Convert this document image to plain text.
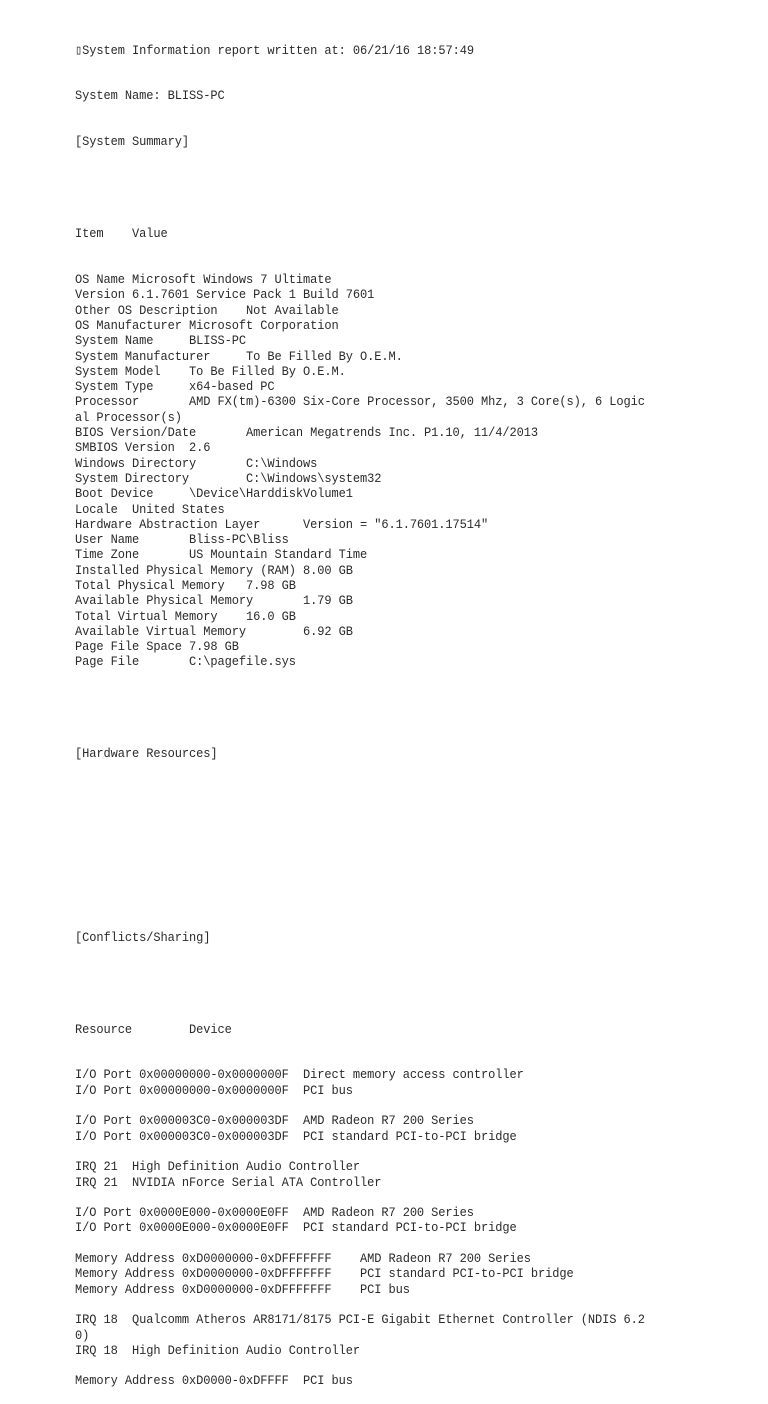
▯System Information report written at: 06/21/16 18:57:49

System Name: BLISS-PC

[System Summary]

Item	Value

OS Name Microsoft Windows 7 Ultimate
Version 6.1.7601 Service Pack 1 Build 7601
Other OS Description    Not Available
OS Manufacturer Microsoft Corporation
System Name     BLISS-PC
System Manufacturer     To Be Filled By O.E.M.
System Model    To Be Filled By O.E.M.
System Type     x64-based PC
Processor       AMD FX(tm)-6300 Six-Core Processor, 3500 Mhz, 3 Core(s), 6 Logic
al Processor(s)
BIOS Version/Date       American Megatrends Inc. P1.10, 11/4/2013
SMBIOS Version  2.6
Windows Directory       C:\Windows
System Directory        C:\Windows\system32
Boot Device     \Device\HarddiskVolume1
Locale  United States
Hardware Abstraction Layer      Version = "6.1.7601.17514"
User Name       Bliss-PC\Bliss
Time Zone       US Mountain Standard Time
Installed Physical Memory (RAM) 8.00 GB
Total Physical Memory   7.98 GB
Available Physical Memory       1.79 GB
Total Virtual Memory    16.0 GB
Available Virtual Memory        6.92 GB
Page File Space 7.98 GB
Page File       C:\pagefile.sys

[Hardware Resources]

[Conflicts/Sharing]

Resource        Device

I/O Port 0x00000000-0x0000000F  Direct memory access controller
I/O Port 0x00000000-0x0000000F  PCI bus
I/O Port 0x000003C0-0x000003DF  AMD Radeon R7 200 Series
I/O Port 0x000003C0-0x000003DF  PCI standard PCI-to-PCI bridge
IRQ 21  High Definition Audio Controller
IRQ 21  NVIDIA nForce Serial ATA Controller
I/O Port 0x0000E000-0x0000E0FF  AMD Radeon R7 200 Series
I/O Port 0x0000E000-0x0000E0FF  PCI standard PCI-to-PCI bridge
Memory Address 0xD0000000-0xDFFFFFFF    AMD Radeon R7 200 Series
Memory Address 0xD0000000-0xDFFFFFFF    PCI standard PCI-to-PCI bridge
Memory Address 0xD0000000-0xDFFFFFFF    PCI bus
IRQ 18  Qualcomm Atheros AR8171/8175 PCI-E Gigabit Ethernet Controller (NDIS 6.2
0)
IRQ 18  High Definition Audio Controller
Memory Address 0xD0000-0xDFFFF  PCI bus
